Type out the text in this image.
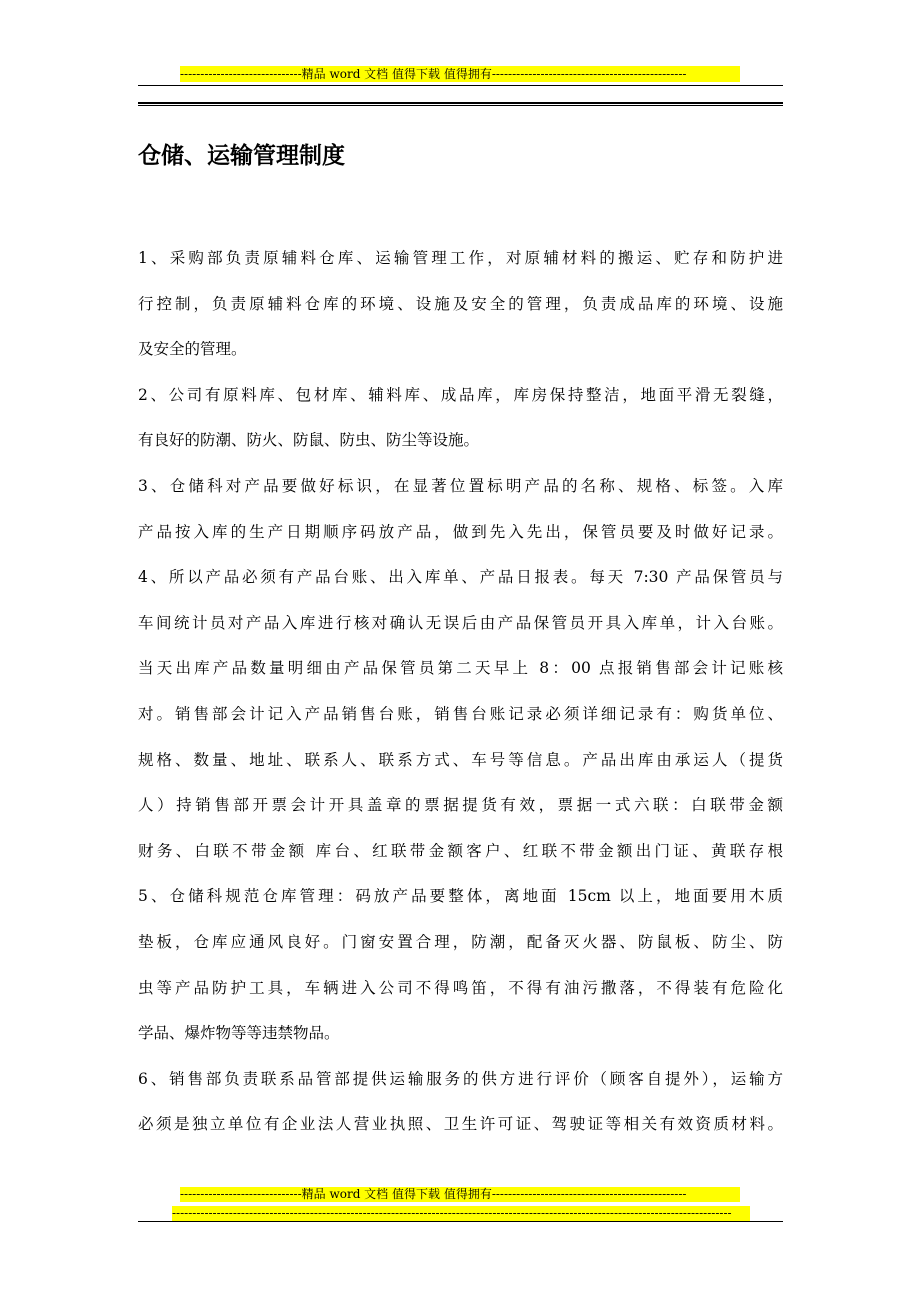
------------------------------精品 word 文档 值得下载 值得拥有------------------------------------------------
仓储、运输管理制度
1、采购部负责原辅料仓库、运输管理工作，对原辅材料的搬运、贮存和防护进
行控制，负责原辅料仓库的环境、设施及安全的管理，负责成品库的环境、设施
及安全的管理。
2、公司有原料库、包材库、辅料库、成品库，库房保持整洁，地面平滑无裂缝，
有良好的防潮、防火、防鼠、防虫、防尘等设施。
3、仓储科对产品要做好标识，在显著位置标明产品的名称、规格、标签。入库
产品按入库的生产日期顺序码放产品，做到先入先出，保管员要及时做好记录。
4、所以产品必须有产品台账、出入库单、产品日报表。每天 7:30 产品保管员与
车间统计员对产品入库进行核对确认无误后由产品保管员开具入库单，计入台账。
当天出库产品数量明细由产品保管员第二天早上 8：00 点报销售部会计记账核
对。销售部会计记入产品销售台账，销售台账记录必须详细记录有：购货单位、
规格、数量、地址、联系人、联系方式、车号等信息。产品出库由承运人（提货
人）持销售部开票会计开具盖章的票据提货有效，票据一式六联：白联带金额
财务、白联不带金额 库台、红联带金额客户、红联不带金额出门证、黄联存根
5、仓储科规范仓库管理：码放产品要整体，离地面 15cm 以上，地面要用木质
垫板，仓库应通风良好。门窗安置合理，防潮，配备灭火器、防鼠板、防尘、防
虫等产品防护工具，车辆进入公司不得鸣笛，不得有油污撒落，不得装有危险化
学品、爆炸物等等违禁物品。
6、销售部负责联系品管部提供运输服务的供方进行评价（顾客自提外），运输方
必须是独立单位有企业法人营业执照、卫生许可证、驾驶证等相关有效资质材料。
------------------------------精品 word 文档 值得下载 值得拥有------------------------------------------------
------------------------------------------------------------------------------------------------------------------------------------------
